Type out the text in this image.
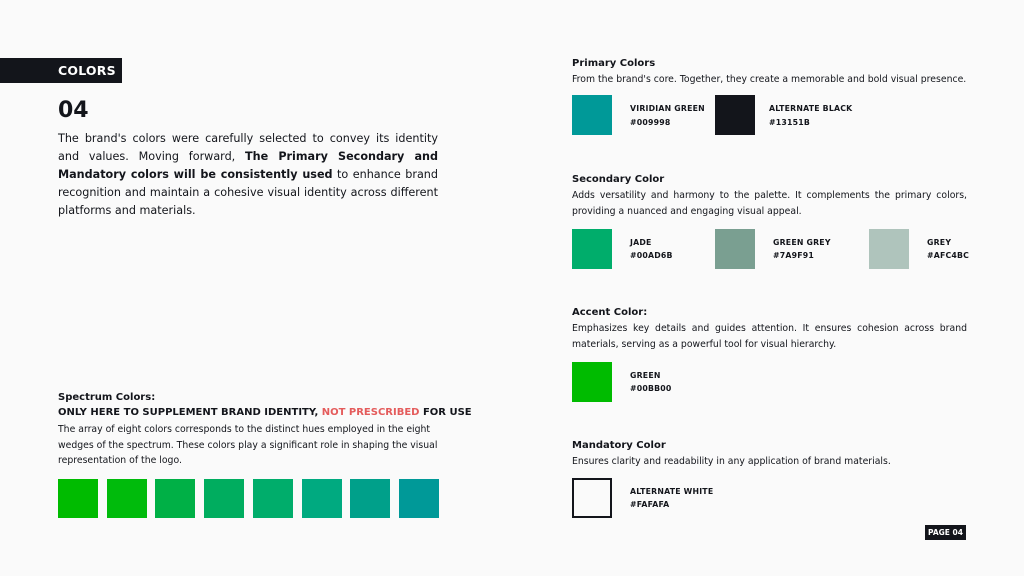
COLORS
04

The brand's colors were carefully selected to convey its identity and values. Moving forward, The Primary Secondary and Mandatory colors will be consistently used to enhance brand recognition and maintain a cohesive visual identity across different platforms and materials.

Spectrum Colors:
ONLY HERE TO SUPPLEMENT BRAND IDENTITY, NOT PRESCRIBED FOR USE

The array of eight colors corresponds to the distinct hues employed in the eight wedges of the spectrum. These colors play a significant role in shaping the visual representation of the logo.

Primary Colors

From the brand's core. Together, they create a memorable and bold visual presence.

VIRIDIAN GREEN
#009998
ALTERNATE BLACK
#13151B
Secondary Color

Adds versatility and harmony to the palette. It complements the primary colors, providing a nuanced and engaging visual appeal.

JADE
#00AD6B
GREEN GREY
#7A9F91
GREY
#AFC4BC
Accent Color:

Emphasizes key details and guides attention. It ensures cohesion across brand materials, serving as a powerful tool for visual hierarchy.

GREEN
#00BB00
Mandatory Color

Ensures clarity and readability in any application of brand materials.

ALTERNATE WHITE
#FAFAFA
PAGE 04
